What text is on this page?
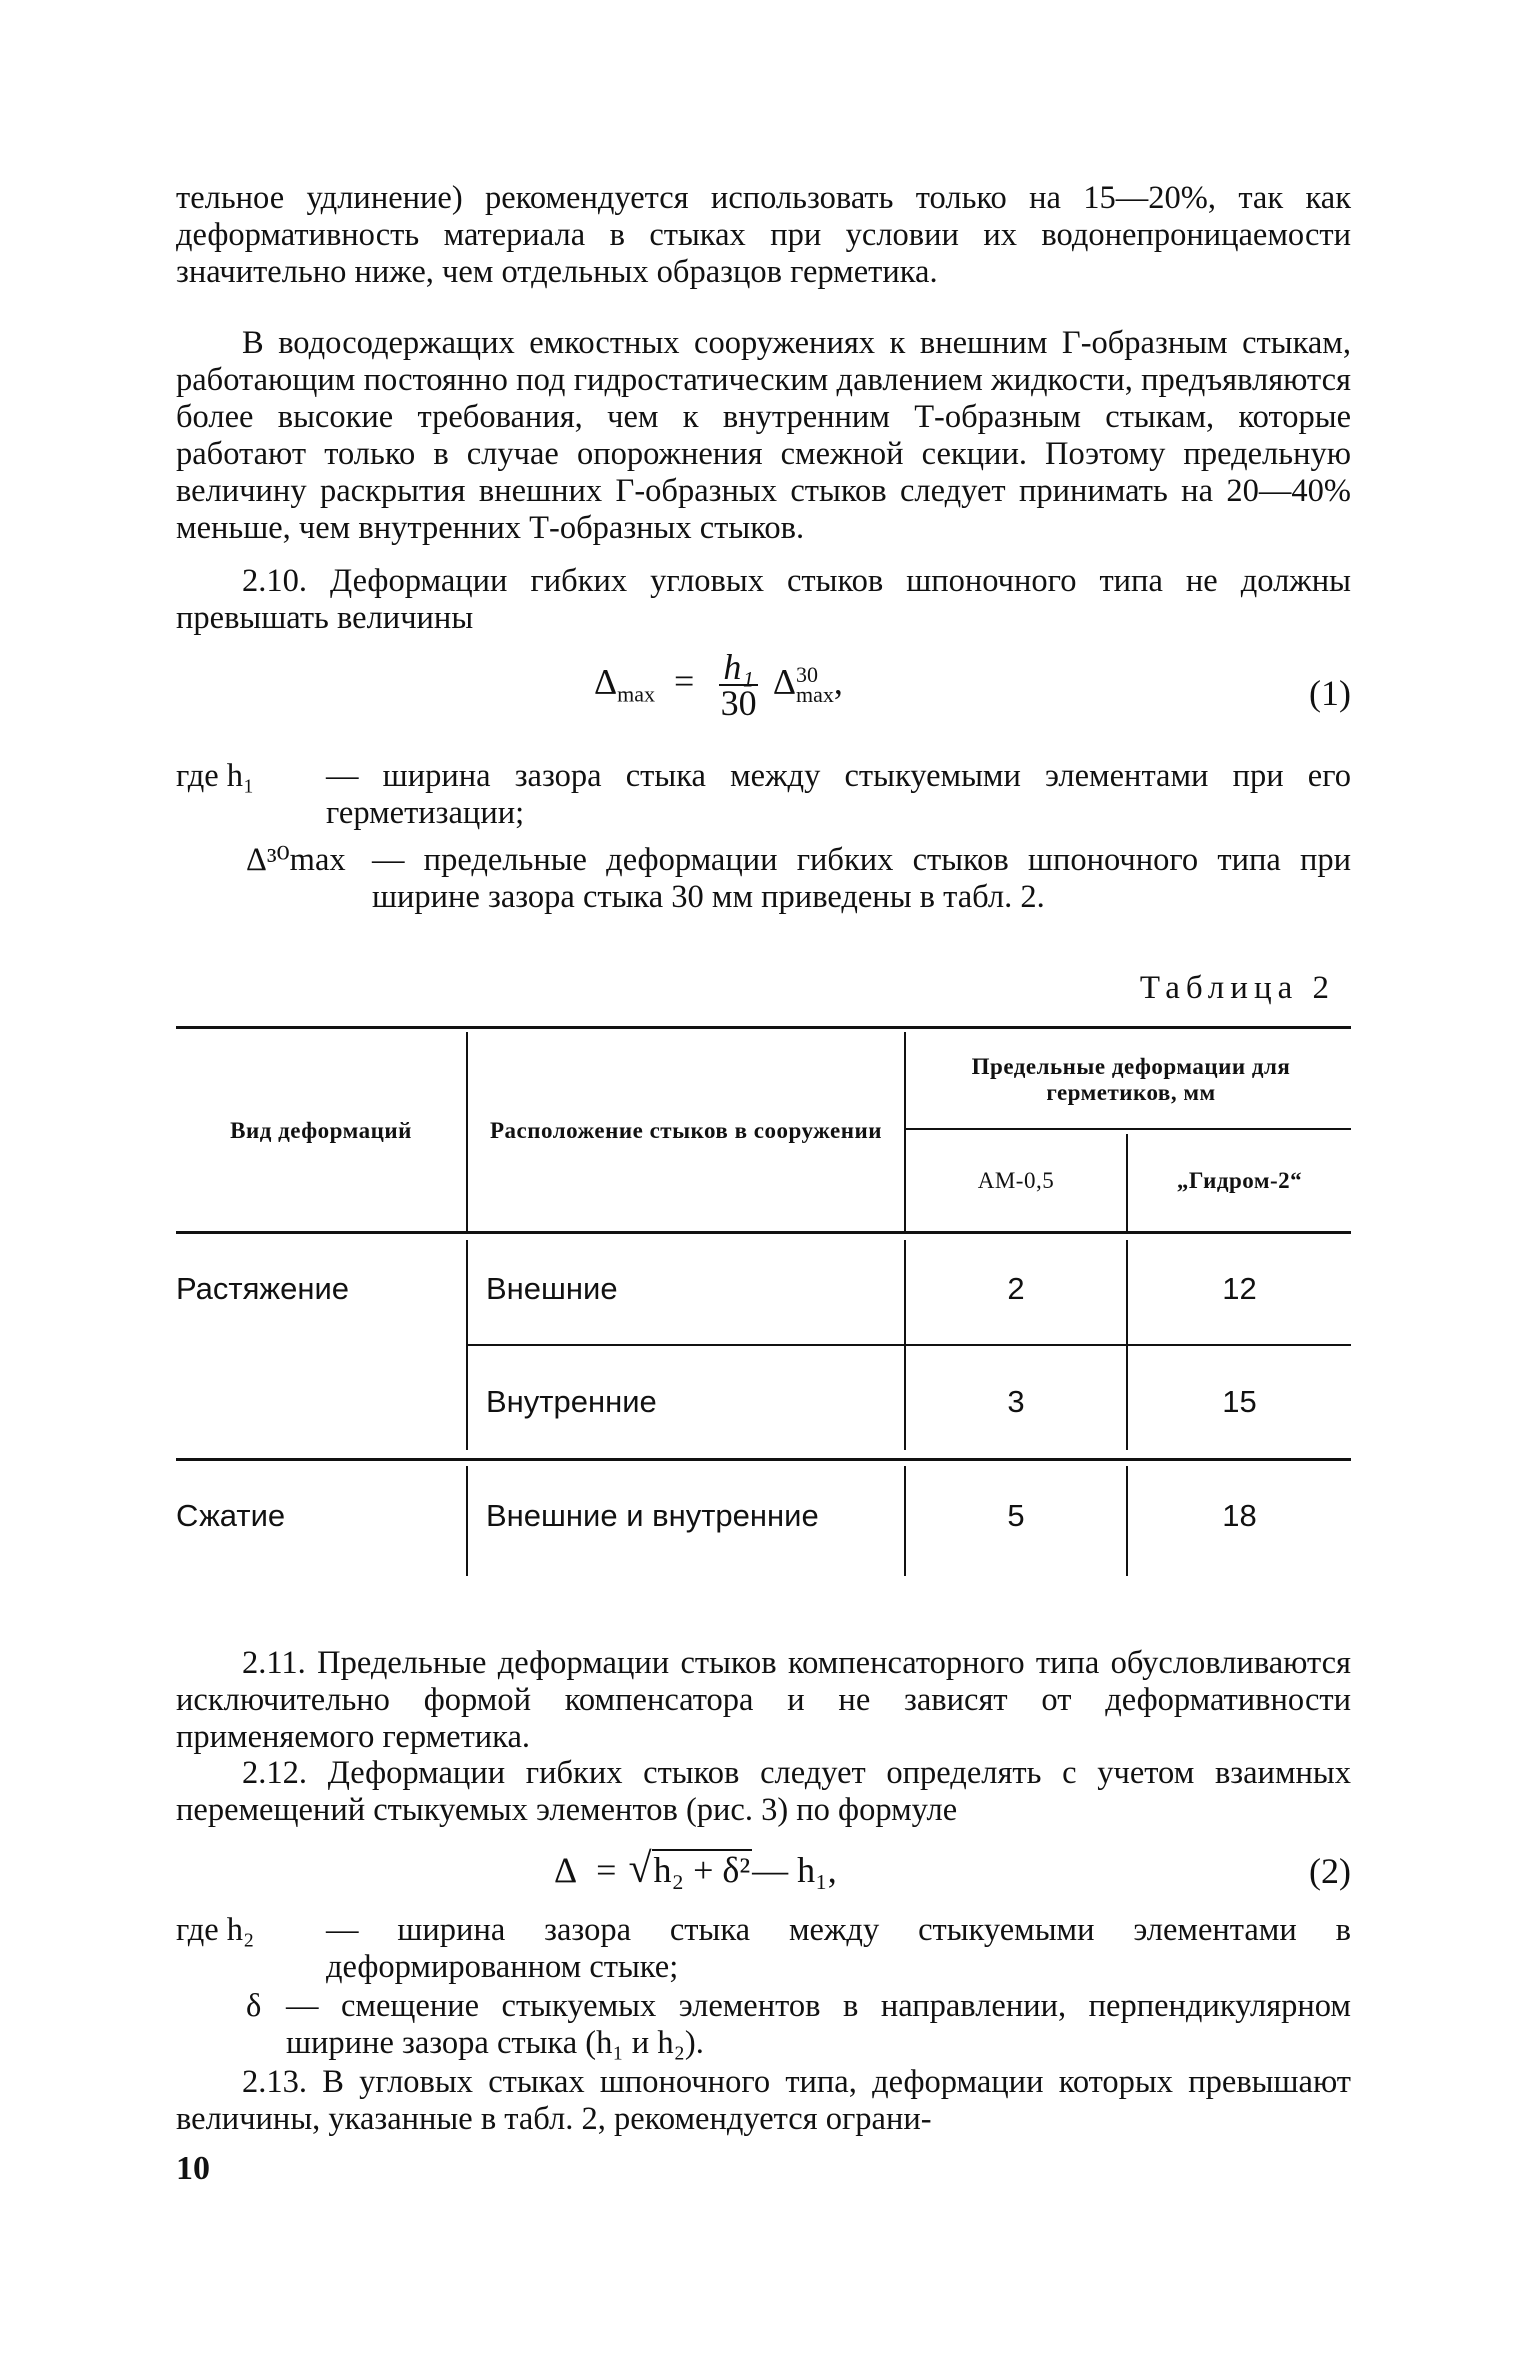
тельное удлинение) рекомендуется использовать только на 15—20%, так как деформативность материала в стыках при условии их водонепроницаемости значительно ниже, чем отдельных образцов герметика.

В водосодержащих емкостных сооружениях к внешним Г-образным стыкам, работающим постоянно под гидростатическим давлением жидкости, предъявляются более высокие требования, чем к внутренним Т-образным стыкам, которые работают только в случае опорожнения смежной секции. Поэтому предельную величину раскрытия внешних Г-образных стыков следует принимать на 20—40% меньше, чем внутренних Т-образных стыков.

2.10. Деформации гибких угловых стыков шпоночного типа не должны превышать величины

$\Delta_{max} = \frac{\text{h₁}}{30}$ Δ 30
max ,	(1)
где h₁ — ширина зазора стыка между стыкуемыми элементами при его герметизации;
Δ³⁰max — предельные деформации гибких стыков шпоночного типа при ширине зазора стыка 30 мм приведены в табл. 2.
Таблица 2
Вид деформаций	Расположение стыков в сооружении
Предельные деформации для герметиков, мм
АМ-0,5	„Гидром-2“
Растяжение	Внешние	2	12
Внутренние	3	15
Сжатие	Внешние и внутренние	5	18

2.11. Предельные деформации стыков компенсаторного типа обусловливаются исключительно формой компенсатора и не зависят от деформативности применяемого герметика.

2.12. Деформации гибких стыков следует определять с учетом взаимных перемещений стыкуемых элементов (рис. 3) по формуле

Δ = √h₂ + δ²— h₁,	(2)
где h₂ — ширина зазора стыка между стыкуемыми элементами в деформированном стыке;
δ — смещение стыкуемых элементов в направлении, перпендикулярном ширине зазора стыка (h₁ и h₂).

2.13. В угловых стыках шпоночного типа, деформации которых превышают величины, указанные в табл. 2, рекомендуется ограни-

10
